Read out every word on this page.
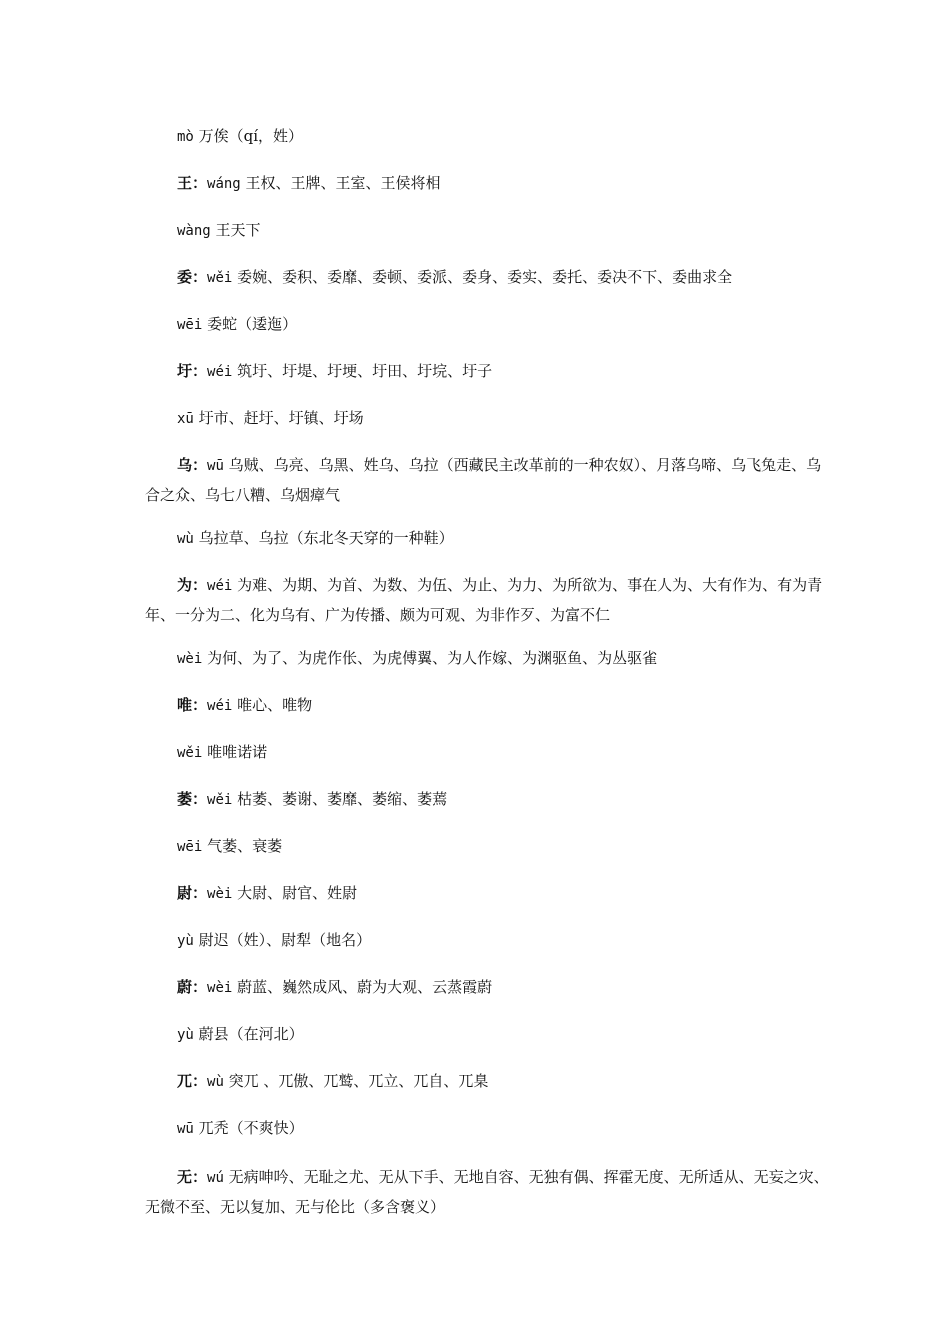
mò 万俟（qí，姓）

王：wáng 王权、王牌、王室、王侯将相

wàng 王天下

委：wěi 委婉、委积、委靡、委顿、委派、委身、委实、委托、委决不下、委曲求全

wēi 委蛇（逶迤）

圩：wéi 筑圩、圩堤、圩埂、圩田、圩垸、圩子

xū 圩市、赶圩、圩镇、圩场

乌：wū 乌贼、乌亮、乌黑、姓乌、乌拉（西藏民主改革前的一种农奴）、月落乌啼、乌飞兔走、乌合之众、乌七八糟、乌烟瘴气

wù 乌拉草、乌拉（东北冬天穿的一种鞋）

为：wéi 为难、为期、为首、为数、为伍、为止、为力、为所欲为、事在人为、大有作为、有为青年、一分为二、化为乌有、广为传播、颇为可观、为非作歹、为富不仁

wèi 为何、为了、为虎作伥、为虎傅翼、为人作嫁、为渊驱鱼、为丛驱雀

唯：wéi 唯心、唯物

wěi 唯唯诺诺

萎：wěi 枯萎、萎谢、萎靡、萎缩、萎蔫

wēi 气萎、衰萎

尉：wèi 大尉、尉官、姓尉

yù 尉迟（姓）、尉犁（地名）

蔚：wèi 蔚蓝、巍然成风、蔚为大观、云蒸霞蔚

yù 蔚县（在河北）

兀：wù 突兀 、兀傲、兀鹫、兀立、兀自、兀臬

wū 兀秃（不爽快）

无：wú 无病呻吟、无耻之尤、无从下手、无地自容、无独有偶、挥霍无度、无所适从、无妄之灾、无微不至、无以复加、无与伦比（多含褒义）
